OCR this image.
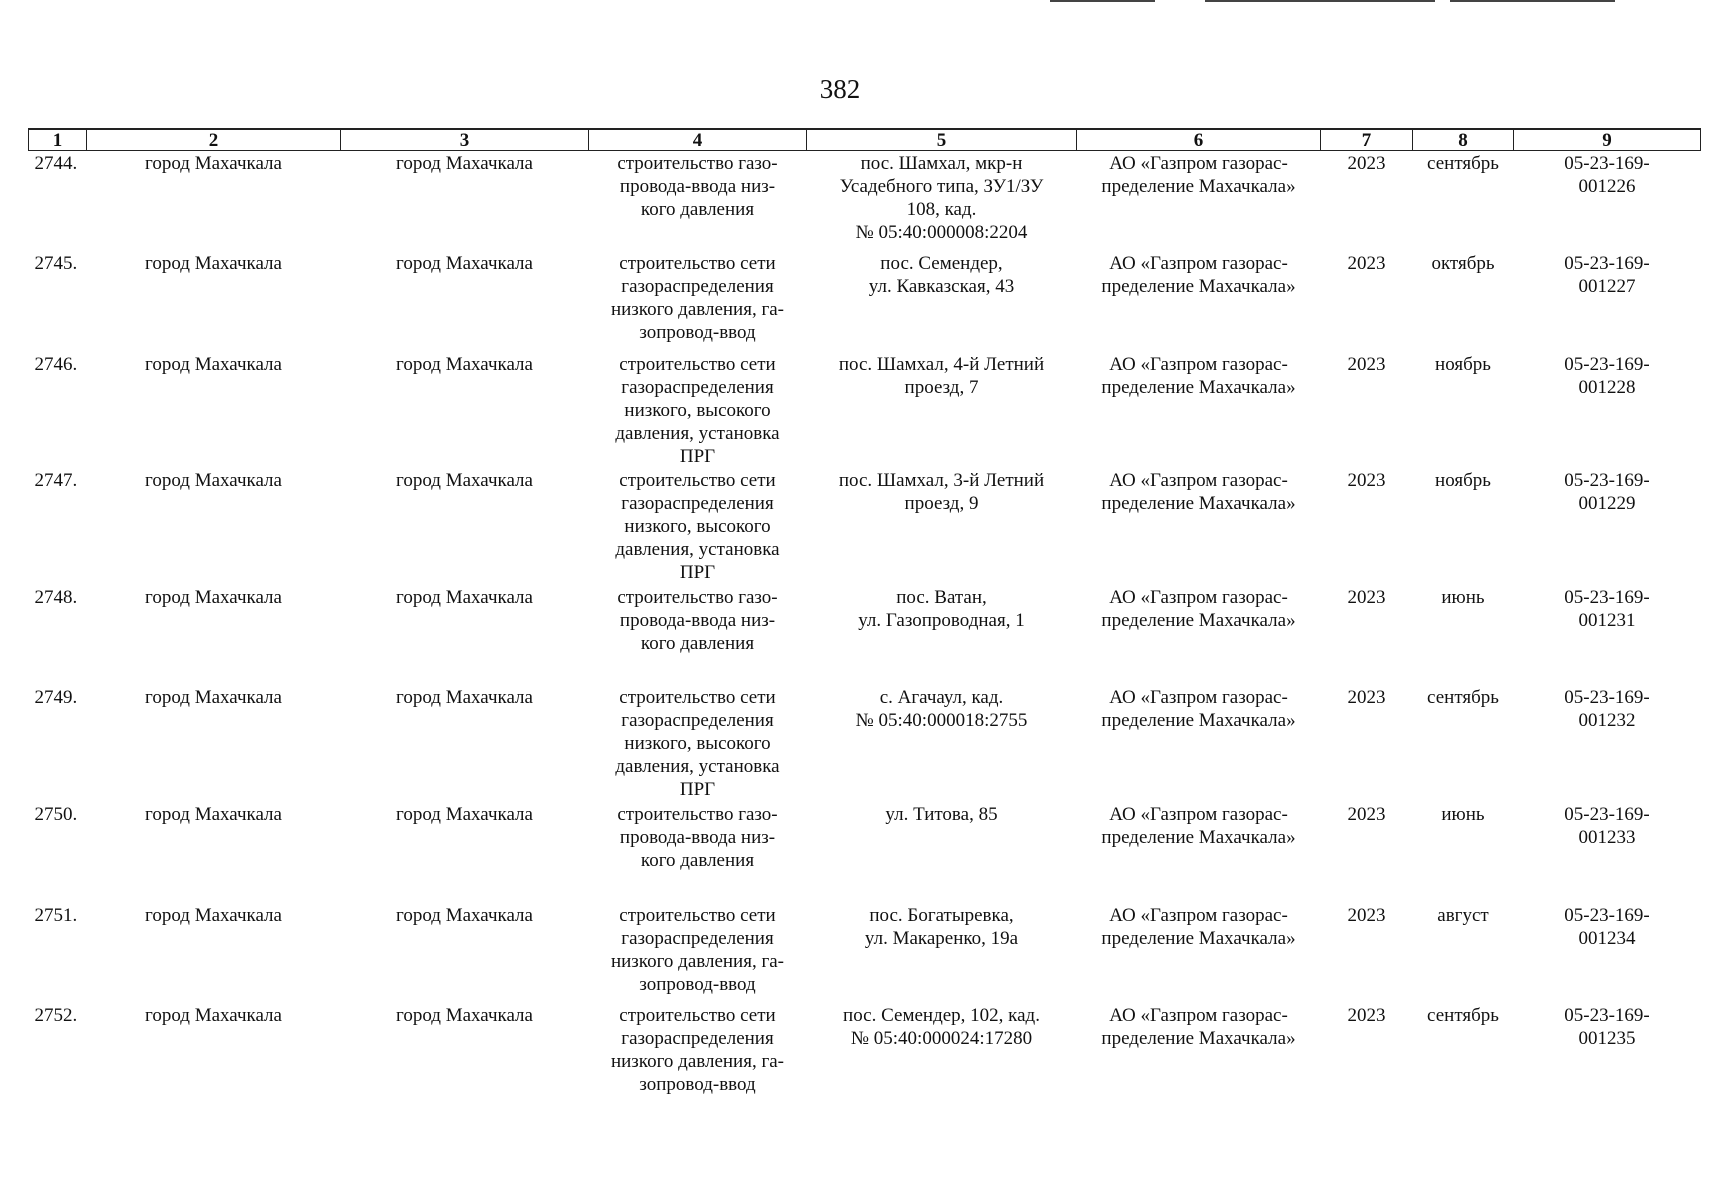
382
1	2	3	4	5	6	7	8	9
2744.	город Махачкала	город Махачкала	строительство газо-
провода-ввода низ-
кого давления	пос. Шамхал, мкр-н
Усадебного типа, ЗУ1/ЗУ
108, кад.
№ 05:40:000008:2204	АО «Газпром газорас-
пределение Махачкала»	2023	сентябрь	05-23-169-
001226
2745.	город Махачкала	город Махачкала	строительство сети
газораспределения
низкого давления, га-
зопровод-ввод	пос. Семендер,
ул. Кавказская, 43	АО «Газпром газорас-
пределение Махачкала»	2023	октябрь	05-23-169-
001227
2746.	город Махачкала	город Махачкала	строительство сети
газораспределения
низкого, высокого
давления, установка
ПРГ	пос. Шамхал, 4-й Летний
проезд, 7	АО «Газпром газорас-
пределение Махачкала»	2023	ноябрь	05-23-169-
001228
2747.	город Махачкала	город Махачкала	строительство сети
газораспределения
низкого, высокого
давления, установка
ПРГ	пос. Шамхал, 3-й Летний
проезд, 9	АО «Газпром газорас-
пределение Махачкала»	2023	ноябрь	05-23-169-
001229
2748.	город Махачкала	город Махачкала	строительство газо-
провода-ввода низ-
кого давления	пос. Ватан,
ул. Газопроводная, 1	АО «Газпром газорас-
пределение Махачкала»	2023	июнь	05-23-169-
001231
2749.	город Махачкала	город Махачкала	строительство сети
газораспределения
низкого, высокого
давления, установка
ПРГ	с. Агачаул, кад.
№ 05:40:000018:2755	АО «Газпром газорас-
пределение Махачкала»	2023	сентябрь	05-23-169-
001232
2750.	город Махачкала	город Махачкала	строительство газо-
провода-ввода низ-
кого давления	ул. Титова, 85	АО «Газпром газорас-
пределение Махачкала»	2023	июнь	05-23-169-
001233
2751.	город Махачкала	город Махачкала	строительство сети
газораспределения
низкого давления, га-
зопровод-ввод	пос. Богатыревка,
ул. Макаренко, 19а	АО «Газпром газорас-
пределение Махачкала»	2023	август	05-23-169-
001234
2752.	город Махачкала	город Махачкала	строительство сети
газораспределения
низкого давления, га-
зопровод-ввод	пос. Семендер, 102, кад.
№ 05:40:000024:17280	АО «Газпром газорас-
пределение Махачкала»	2023	сентябрь	05-23-169-
001235
